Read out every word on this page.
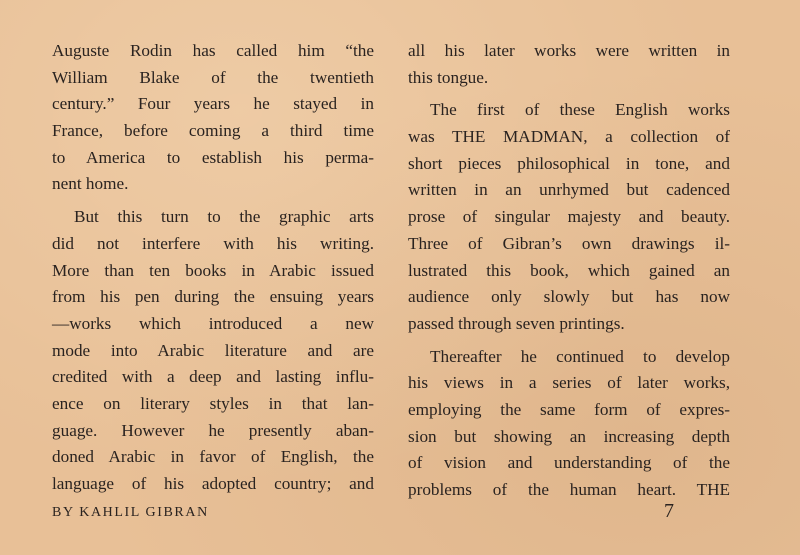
Auguste Rodin has called him “the
William Blake of the twentieth
century.” Four years he stayed in
France, before coming a third time
to America to establish his perma-
nent home.
But this turn to the graphic arts
did not interfere with his writing.
More than ten books in Arabic issued
from his pen during the ensuing years
—works which introduced a new
mode into Arabic literature and are
credited with a deep and lasting influ-
ence on literary styles in that lan-
guage. However he presently aban-
doned Arabic in favor of English, the
language of his adopted country; and
all his later works were written in
this tongue.
The first of these English works
was THE MADMAN, a collection of
short pieces philosophical in tone, and
written in an unrhymed but cadenced
prose of singular majesty and beauty.
Three of Gibran’s own drawings il-
lustrated this book, which gained an
audience only slowly but has now
passed through seven printings.
Thereafter he continued to develop
his views in a series of later works,
employing the same form of expres-
sion but showing an increasing depth
of vision and understanding of the
problems of the human heart. THE
BY KAHLIL GIBRAN	7
